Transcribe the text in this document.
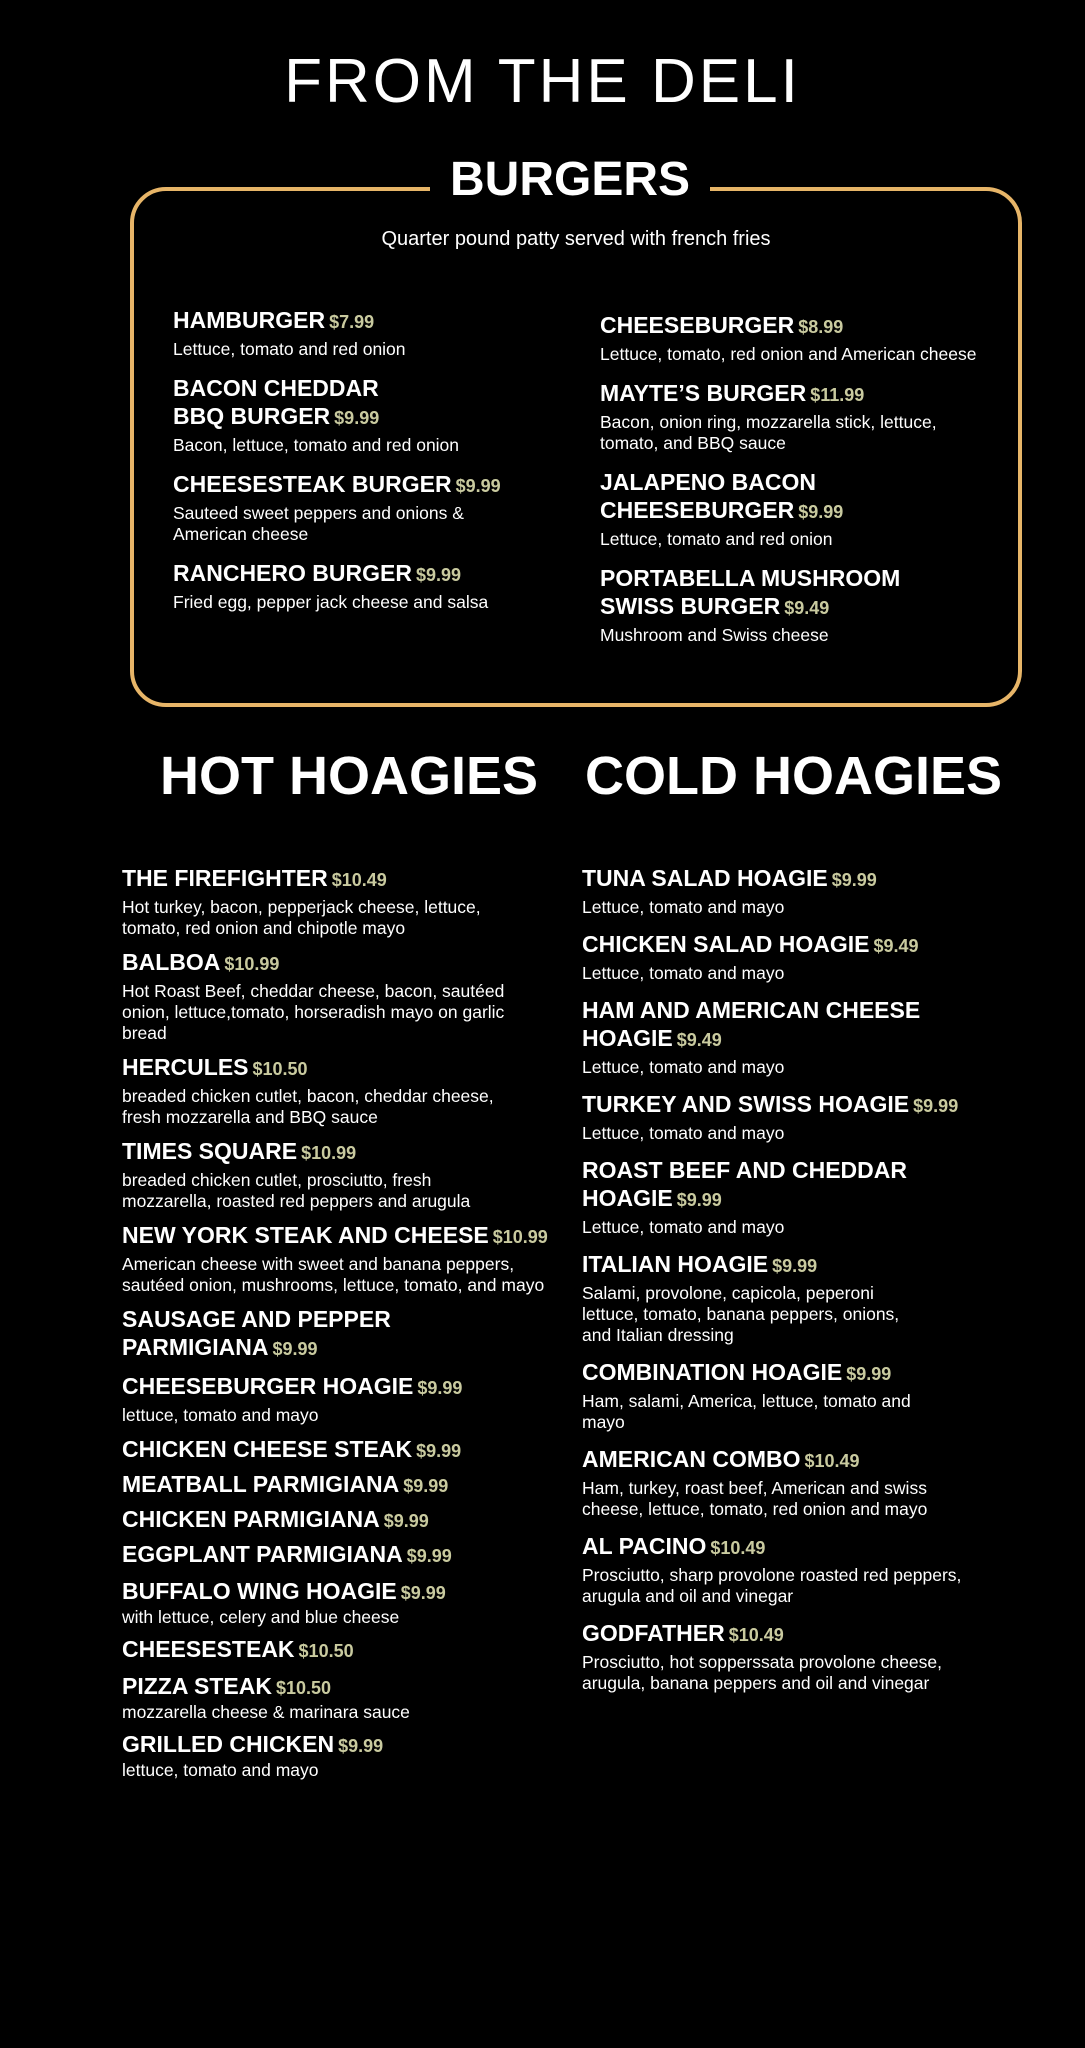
FROM THE DELI
BURGERS

Quarter pound patty served with french fries

HAMBURGER $7.99

Lettuce, tomato and red onion

BACON CHEDDAR BBQ BURGER $9.99

Bacon, lettuce, tomato and red onion

CHEESESTEAK BURGER $9.99

Sauteed sweet peppers and onions & American cheese

RANCHERO BURGER $9.99

Fried egg, pepper jack cheese and salsa

CHEESEBURGER $8.99

Lettuce, tomato, red onion and American cheese

MAYTE’S BURGER $11.99

Bacon, onion ring, mozzarella stick, lettuce, tomato, and BBQ sauce

JALAPENO BACON CHEESEBURGER $9.99

Lettuce, tomato and red onion

PORTABELLA MUSHROOM SWISS BURGER $9.49

Mushroom and Swiss cheese

HOT HOAGIES COLD HOAGIES
THE FIREFIGHTER $10.49

Hot turkey, bacon, pepperjack cheese, lettuce, tomato, red onion and chipotle mayo

BALBOA $10.99

Hot Roast Beef, cheddar cheese, bacon, sautéed onion, lettuce,tomato, horseradish mayo on garlic bread

HERCULES $10.50

breaded chicken cutlet, bacon, cheddar cheese, fresh mozzarella and BBQ sauce

TIMES SQUARE $10.99

breaded chicken cutlet, prosciutto, fresh mozzarella, roasted red peppers and arugula

NEW YORK STEAK AND CHEESE $10.99

American cheese with sweet and banana peppers, sautéed onion, mushrooms, lettuce, tomato, and mayo

SAUSAGE AND PEPPER PARMIGIANA $9.99
CHEESEBURGER HOAGIE $9.99

lettuce, tomato and mayo

CHICKEN CHEESE STEAK $9.99
MEATBALL PARMIGIANA $9.99
CHICKEN PARMIGIANA $9.99
EGGPLANT PARMIGIANA $9.99
BUFFALO WING HOAGIE $9.99

with lettuce, celery and blue cheese

CHEESESTEAK $10.50
PIZZA STEAK $10.50

mozzarella cheese & marinara sauce

GRILLED CHICKEN $9.99

lettuce, tomato and mayo

TUNA SALAD HOAGIE $9.99

Lettuce, tomato and mayo

CHICKEN SALAD HOAGIE $9.49

Lettuce, tomato and mayo

HAM AND AMERICAN CHEESE HOAGIE $9.49

Lettuce, tomato and mayo

TURKEY AND SWISS HOAGIE $9.99

Lettuce, tomato and mayo

ROAST BEEF AND CHEDDAR HOAGIE $9.99

Lettuce, tomato and mayo

ITALIAN HOAGIE $9.99

Salami, provolone, capicola, peperoni lettuce, tomato, banana peppers, onions, and Italian dressing

COMBINATION HOAGIE $9.99

Ham, salami, America, lettuce, tomato and mayo

AMERICAN COMBO $10.49

Ham, turkey, roast beef, American and swiss cheese, lettuce, tomato, red onion and mayo

AL PACINO $10.49

Prosciutto, sharp provolone roasted red peppers, arugula and oil and vinegar

GODFATHER $10.49

Prosciutto, hot sopperssata provolone cheese, arugula, banana peppers and oil and vinegar
